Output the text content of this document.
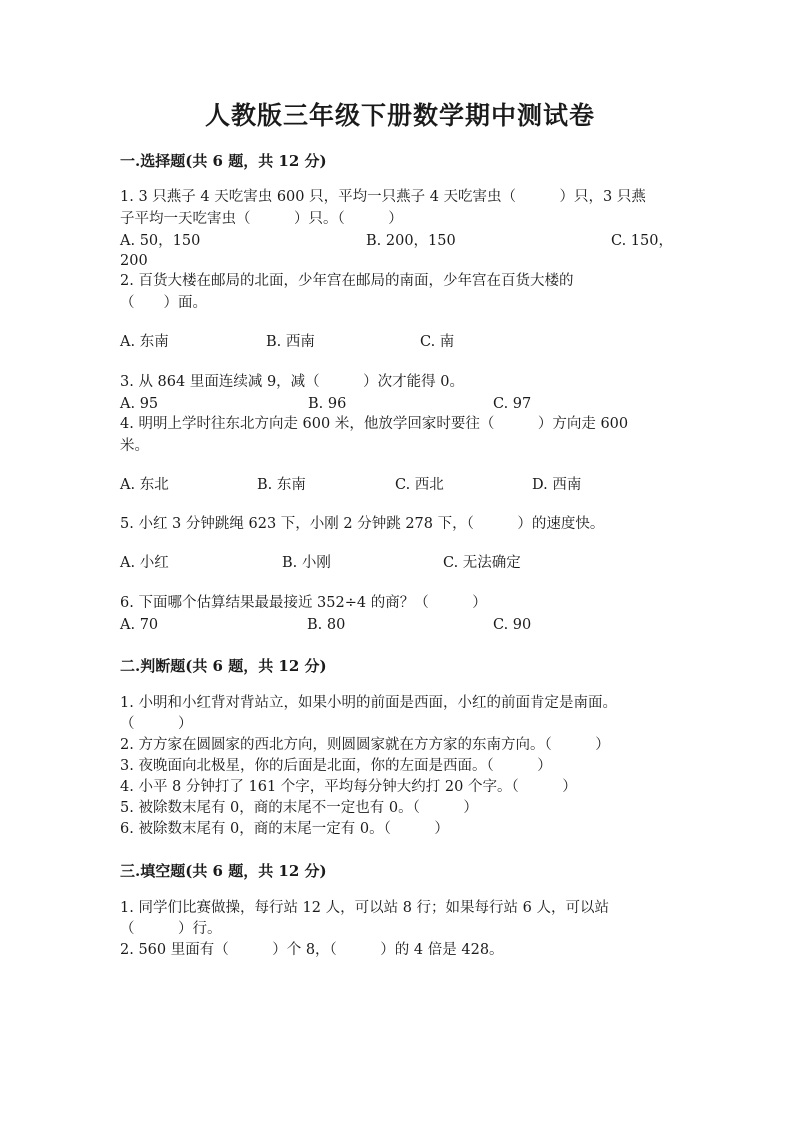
人教版三年级下册数学期中测试卷
一.选择题(共 6 题，共 12 分)
1. 3 只燕子 4 天吃害虫 600 只，平均一只燕子 4 天吃害虫（　　　）只，3 只燕
子平均一天吃害虫（　　　）只。（　　　）
A. 50，150	B. 200，150	C. 150，
200
2. 百货大楼在邮局的北面，少年宫在邮局的南面，少年宫在百货大楼的
（　　）面。
A. 东南	B. 西南	C. 南
3. 从 864 里面连续减 9，减（　　　）次才能得 0。
A. 95	B. 96	C. 97
4. 明明上学时往东北方向走 600 米，他放学回家时要往（　　　）方向走 600
米。
A. 东北	B. 东南	C. 西北	D. 西南
5. 小红 3 分钟跳绳 623 下，小刚 2 分钟跳 278 下，（　　　）的速度快。
A. 小红	B. 小刚	C. 无法确定
6. 下面哪个估算结果最最接近 352÷4 的商？（　　　）
A. 70	B. 80	C. 90
二.判断题(共 6 题，共 12 分)
1. 小明和小红背对背站立，如果小明的前面是西面，小红的前面肯定是南面。
（　　　）
2. 方方家在圆圆家的西北方向，则圆圆家就在方方家的东南方向。（　　　）
3. 夜晚面向北极星，你的后面是北面，你的左面是西面。（　　　）
4. 小平 8 分钟打了 161 个字，平均每分钟大约打 20 个字。（　　　）
5. 被除数末尾有 0，商的末尾不一定也有 0。（　　　）
6. 被除数末尾有 0，商的末尾一定有 0。（　　　）
三.填空题(共 6 题，共 12 分)
1. 同学们比赛做操，每行站 12 人，可以站 8 行；如果每行站 6 人，可以站
（　　　）行。
2. 560 里面有（　　　）个 8，（　　　）的 4 倍是 428。
